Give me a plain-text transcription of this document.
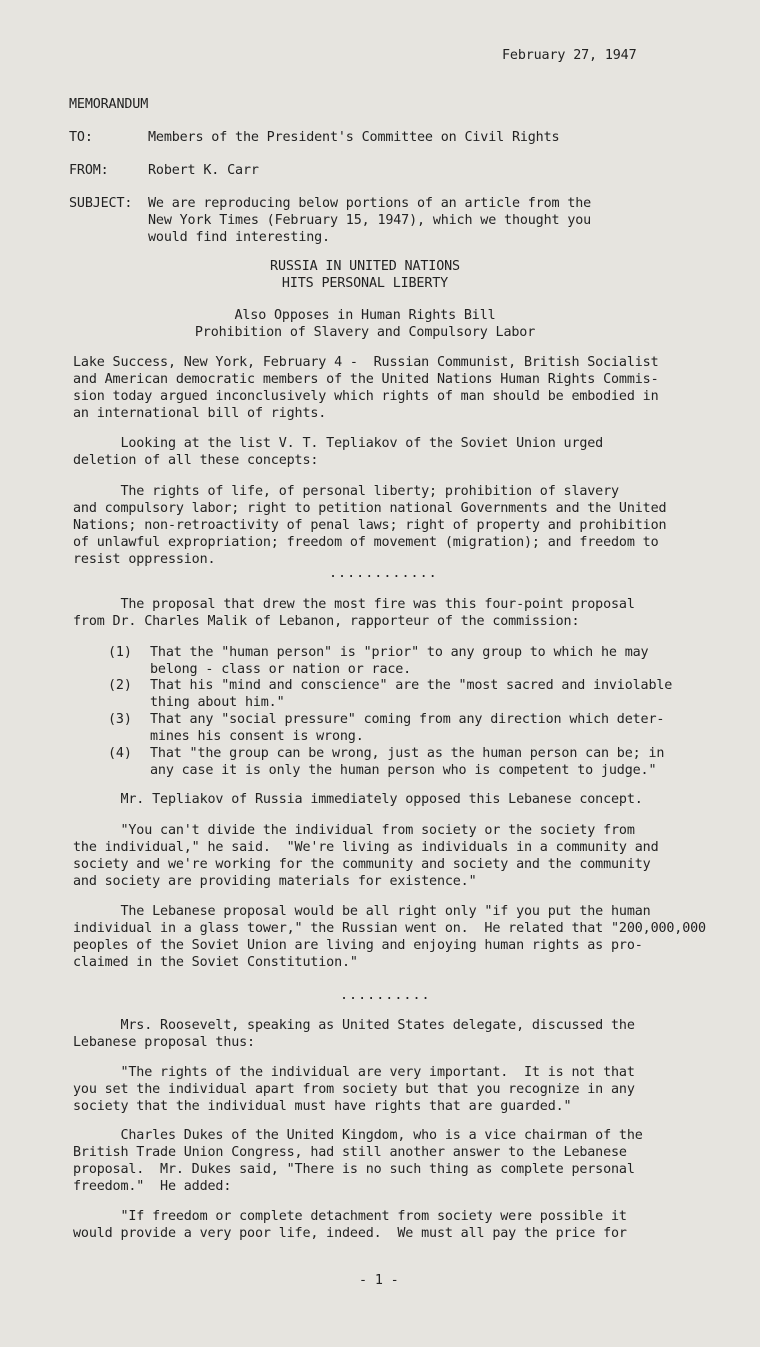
February 27, 1947
MEMORANDUM
TO:	Members of the President's Committee on Civil Rights
FROM:	Robert K. Carr
SUBJECT: We are reproducing below portions of an article from the
New York Times (February 15, 1947), which we thought you
would find interesting.
RUSSIA IN UNITED NATIONS
HITS PERSONAL LIBERTY
Also Opposes in Human Rights Bill
Prohibition of Slavery and Compulsory Labor
Lake Success, New York, February 4 -  Russian Communist, British Socialist
and American democratic members of the United Nations Human Rights Commis-
sion today argued inconclusively which rights of man should be embodied in
an international bill of rights.
Looking at the list V. T. Tepliakov of the Soviet Union urged
deletion of all these concepts:
The rights of life, of personal liberty; prohibition of slavery
and compulsory labor; right to petition national Governments and the United
Nations; non-retroactivity of penal laws; right of property and prohibition
of unlawful expropriation; freedom of movement (migration); and freedom to
resist oppression.
............
The proposal that drew the most fire was this four-point proposal
from Dr. Charles Malik of Lebanon, rapporteur of the commission:
(1) That the "human person" is "prior" to any group to which he may
belong - class or nation or race.
(2) That his "mind and conscience" are the "most sacred and inviolable
thing about him."
(3) That any "social pressure" coming from any direction which deter-
mines his consent is wrong.
(4) That "the group can be wrong, just as the human person can be; in
any case it is only the human person who is competent to judge."
Mr. Tepliakov of Russia immediately opposed this Lebanese concept.
"You can't divide the individual from society or the society from
the individual," he said.  "We're living as individuals in a community and
society and we're working for the community and society and the community
and society are providing materials for existence."
The Lebanese proposal would be all right only "if you put the human
individual in a glass tower," the Russian went on.  He related that "200,000,000
peoples of the Soviet Union are living and enjoying human rights as pro-
claimed in the Soviet Constitution."
..........
Mrs. Roosevelt, speaking as United States delegate, discussed the
Lebanese proposal thus:
"The rights of the individual are very important.  It is not that
you set the individual apart from society but that you recognize in any
society that the individual must have rights that are guarded."
Charles Dukes of the United Kingdom, who is a vice chairman of the
British Trade Union Congress, had still another answer to the Lebanese
proposal.  Mr. Dukes said, "There is no such thing as complete personal
freedom."  He added:
"If freedom or complete detachment from society were possible it
would provide a very poor life, indeed.  We must all pay the price for
- 1 -
